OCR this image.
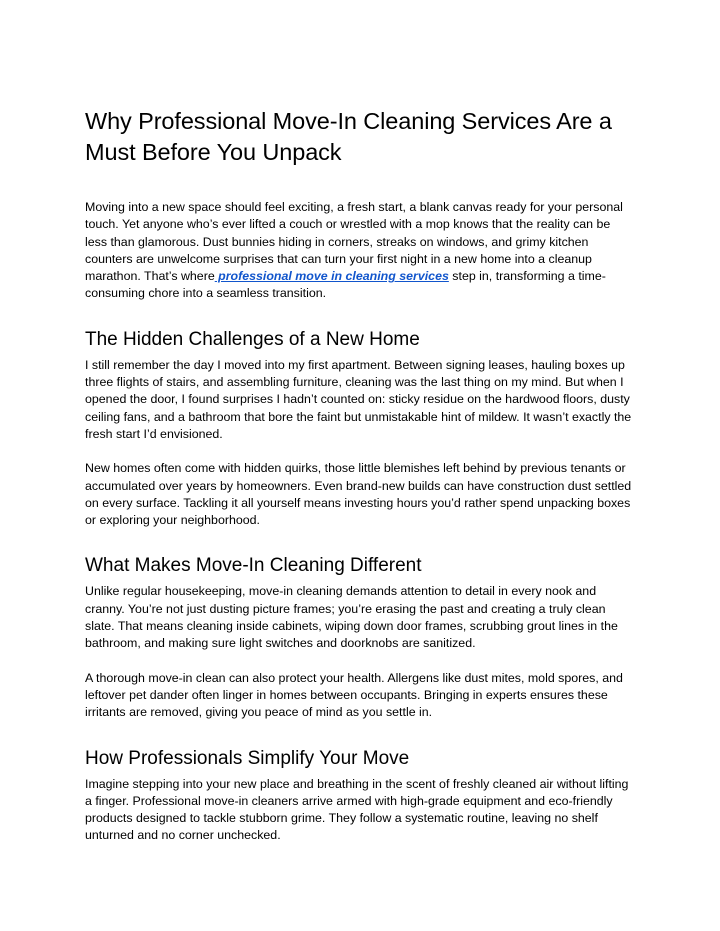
Why Professional Move-In Cleaning Services Are a Must Before You Unpack

Moving into a new space should feel exciting, a fresh start, a blank canvas ready for your personal touch. Yet anyone who’s ever lifted a couch or wrestled with a mop knows that the reality can be less than glamorous. Dust bunnies hiding in corners, streaks on windows, and grimy kitchen counters are unwelcome surprises that can turn your first night in a new home into a cleanup marathon. That’s where professional move in cleaning services step in, transforming a time-consuming chore into a seamless transition.

The Hidden Challenges of a New Home

I still remember the day I moved into my first apartment. Between signing leases, hauling boxes up three flights of stairs, and assembling furniture, cleaning was the last thing on my mind. But when I opened the door, I found surprises I hadn’t counted on: sticky residue on the hardwood floors, dusty ceiling fans, and a bathroom that bore the faint but unmistakable hint of mildew. It wasn’t exactly the fresh start I’d envisioned.

New homes often come with hidden quirks, those little blemishes left behind by previous tenants or accumulated over years by homeowners. Even brand-new builds can have construction dust settled on every surface. Tackling it all yourself means investing hours you’d rather spend unpacking boxes or exploring your neighborhood.

What Makes Move-In Cleaning Different

Unlike regular housekeeping, move-in cleaning demands attention to detail in every nook and cranny. You’re not just dusting picture frames; you’re erasing the past and creating a truly clean slate. That means cleaning inside cabinets, wiping down door frames, scrubbing grout lines in the bathroom, and making sure light switches and doorknobs are sanitized.

A thorough move-in clean can also protect your health. Allergens like dust mites, mold spores, and leftover pet dander often linger in homes between occupants. Bringing in experts ensures these irritants are removed, giving you peace of mind as you settle in.

How Professionals Simplify Your Move

Imagine stepping into your new place and breathing in the scent of freshly cleaned air without lifting a finger. Professional move-in cleaners arrive armed with high-grade equipment and eco-friendly products designed to tackle stubborn grime. They follow a systematic routine, leaving no shelf unturned and no corner unchecked.
